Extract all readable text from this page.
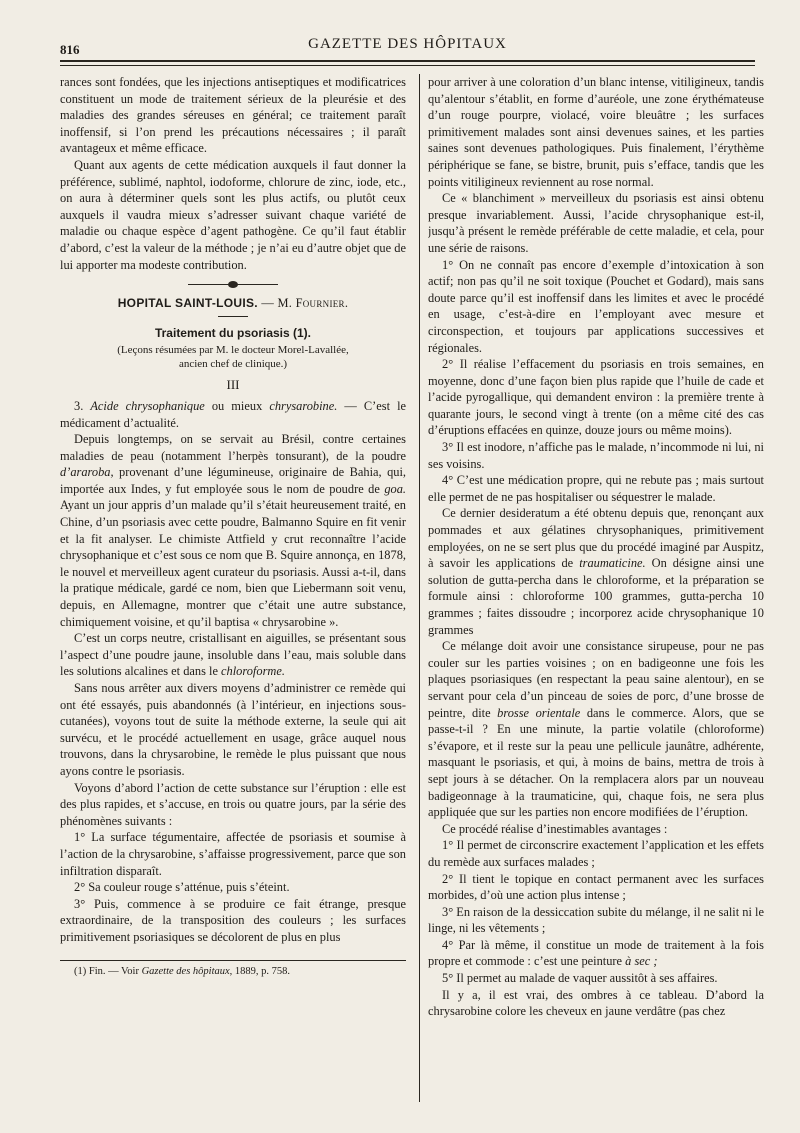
816	GAZETTE DES HÔPITAUX

rances sont fondées, que les injections antiseptiques et modificatrices constituent un mode de traitement sérieux de la pleurésie et des maladies des grandes séreuses en général; ce traitement paraît inoffensif, si l’on prend les précautions nécessaires ; il paraît avantageux et même efficace.

Quant aux agents de cette médication auxquels il faut donner la préférence, sublimé, naphtol, iodoforme, chlorure de zinc, iode, etc., on aura à déterminer quels sont les plus actifs, ou plutôt ceux auxquels il vaudra mieux s’adresser suivant chaque variété de maladie ou chaque espèce d’agent pathogène. Ce qu’il faut établir d’abord, c’est la valeur de la méthode ; je n’ai eu d’autre objet que de lui apporter ma modeste contribution.

HOPITAL SAINT-LOUIS. — M. Fournier.

Traitement du psoriasis (1).

(Leçons résumées par M. le docteur Morel-Lavallée,
ancien chef de clinique.)

III

3. Acide chrysophanique ou mieux chrysarobine. — C’est le médicament d’actualité.

Depuis longtemps, on se servait au Brésil, contre certaines maladies de peau (notamment l’herpès tonsurant), de la poudre d’araroba, provenant d’une légumineuse, originaire de Bahia, qui, importée aux Indes, y fut employée sous le nom de poudre de goa. Ayant un jour appris d’un malade qu’il s’était heureusement traité, en Chine, d’un psoriasis avec cette poudre, Balmanno Squire en fit venir et la fit analyser. Le chimiste Attfield y crut reconnaître l’acide chrysophanique et c’est sous ce nom que B. Squire annonça, en 1878, le nouvel et merveilleux agent curateur du psoriasis. Aussi a-t-il, dans la pratique médicale, gardé ce nom, bien que Liebermann soit venu, depuis, en Allemagne, montrer que c’était une autre substance, chimiquement voisine, et qu’il baptisa « chrysarobine ».

C’est un corps neutre, cristallisant en aiguilles, se présentant sous l’aspect d’une poudre jaune, insoluble dans l’eau, mais soluble dans les solutions alcalines et dans le chloroforme.

Sans nous arrêter aux divers moyens d’administrer ce remède qui ont été essayés, puis abandonnés (à l’intérieur, en injections sous-cutanées), voyons tout de suite la méthode externe, la seule qui ait survécu, et le procédé actuellement en usage, grâce auquel nous trouvons, dans la chrysarobine, le remède le plus puissant que nous ayons contre le psoriasis.

Voyons d’abord l’action de cette substance sur l’éruption : elle est des plus rapides, et s’accuse, en trois ou quatre jours, par la série des phénomènes suivants :

1° La surface tégumentaire, affectée de psoriasis et soumise à l’action de la chrysarobine, s’affaisse progressivement, parce que son infiltration disparaît.

2° Sa couleur rouge s’atténue, puis s’éteint.

3° Puis, commence à se produire ce fait étrange, presque extraordinaire, de la transposition des couleurs ; les surfaces primitivement psoriasiques se décolorent de plus en plus

(1) Fin. — Voir Gazette des hôpitaux, 1889, p. 758.

pour arriver à une coloration d’un blanc intense, vitiligineux, tandis qu’alentour s’établit, en forme d’auréole, une zone érythémateuse d’un rouge pourpre, violacé, voire bleuâtre ; les surfaces primitivement malades sont ainsi devenues saines, et les parties saines sont devenues pathologiques. Puis finalement, l’érythème périphérique se fane, se bistre, brunit, puis s’efface, tandis que les points vitiligineux reviennent au rose normal.

Ce « blanchiment » merveilleux du psoriasis est ainsi obtenu presque invariablement. Aussi, l’acide chrysophanique est-il, jusqu’à présent le remède préférable de cette maladie, et cela, pour une série de raisons.

1° On ne connaît pas encore d’exemple d’intoxication à son actif; non pas qu’il ne soit toxique (Pouchet et Godard), mais sans doute parce qu’il est inoffensif dans les limites et avec le procédé en usage, c’est-à-dire en l’employant avec mesure et circonspection, et toujours par applications successives et régionales.

2° Il réalise l’effacement du psoriasis en trois semaines, en moyenne, donc d’une façon bien plus rapide que l’huile de cade et l’acide pyrogallique, qui demandent environ : la première trente à quarante jours, le second vingt à trente (on a même cité des cas d’éruptions effacées en quinze, douze jours ou même moins).

3° Il est inodore, n’affiche pas le malade, n’incommode ni lui, ni ses voisins.

4° C’est une médication propre, qui ne rebute pas ; mais surtout elle permet de ne pas hospitaliser ou séquestrer le malade.

Ce dernier desideratum a été obtenu depuis que, renonçant aux pommades et aux gélatines chrysophaniques, primitivement employées, on ne se sert plus que du procédé imaginé par Auspitz, à savoir les applications de traumaticine. On désigne ainsi une solution de gutta-percha dans le chloroforme, et la préparation se formule ainsi : chloroforme 100 grammes, gutta-percha 10 grammes ; faites dissoudre ; incorporez acide chrysophanique 10 grammes

Ce mélange doit avoir une consistance sirupeuse, pour ne pas couler sur les parties voisines ; on en badigeonne une fois les plaques psoriasiques (en respectant la peau saine alentour), en se servant pour cela d’un pinceau de soies de porc, d’une brosse de peintre, dite brosse orientale dans le commerce. Alors, que se passe-t-il ? En une minute, la partie volatile (chloroforme) s’évapore, et il reste sur la peau une pellicule jaunâtre, adhérente, masquant le psoriasis, et qui, à moins de bains, mettra de trois à sept jours à se détacher. On la remplacera alors par un nouveau badigeonnage à la traumaticine, qui, chaque fois, ne sera plus appliquée que sur les parties non encore modifiées de l’éruption.

Ce procédé réalise d’inestimables avantages :

1° Il permet de circonscrire exactement l’application et les effets du remède aux surfaces malades ;

2° Il tient le topique en contact permanent avec les surfaces morbides, d’où une action plus intense ;

3° En raison de la dessiccation subite du mélange, il ne salit ni le linge, ni les vêtements ;

4° Par là même, il constitue un mode de traitement à la fois propre et commode : c’est une peinture à sec ;

5° Il permet au malade de vaquer aussitôt à ses affaires.

Il y a, il est vrai, des ombres à ce tableau. D’abord la chrysarobine colore les cheveux en jaune verdâtre (pas chez
